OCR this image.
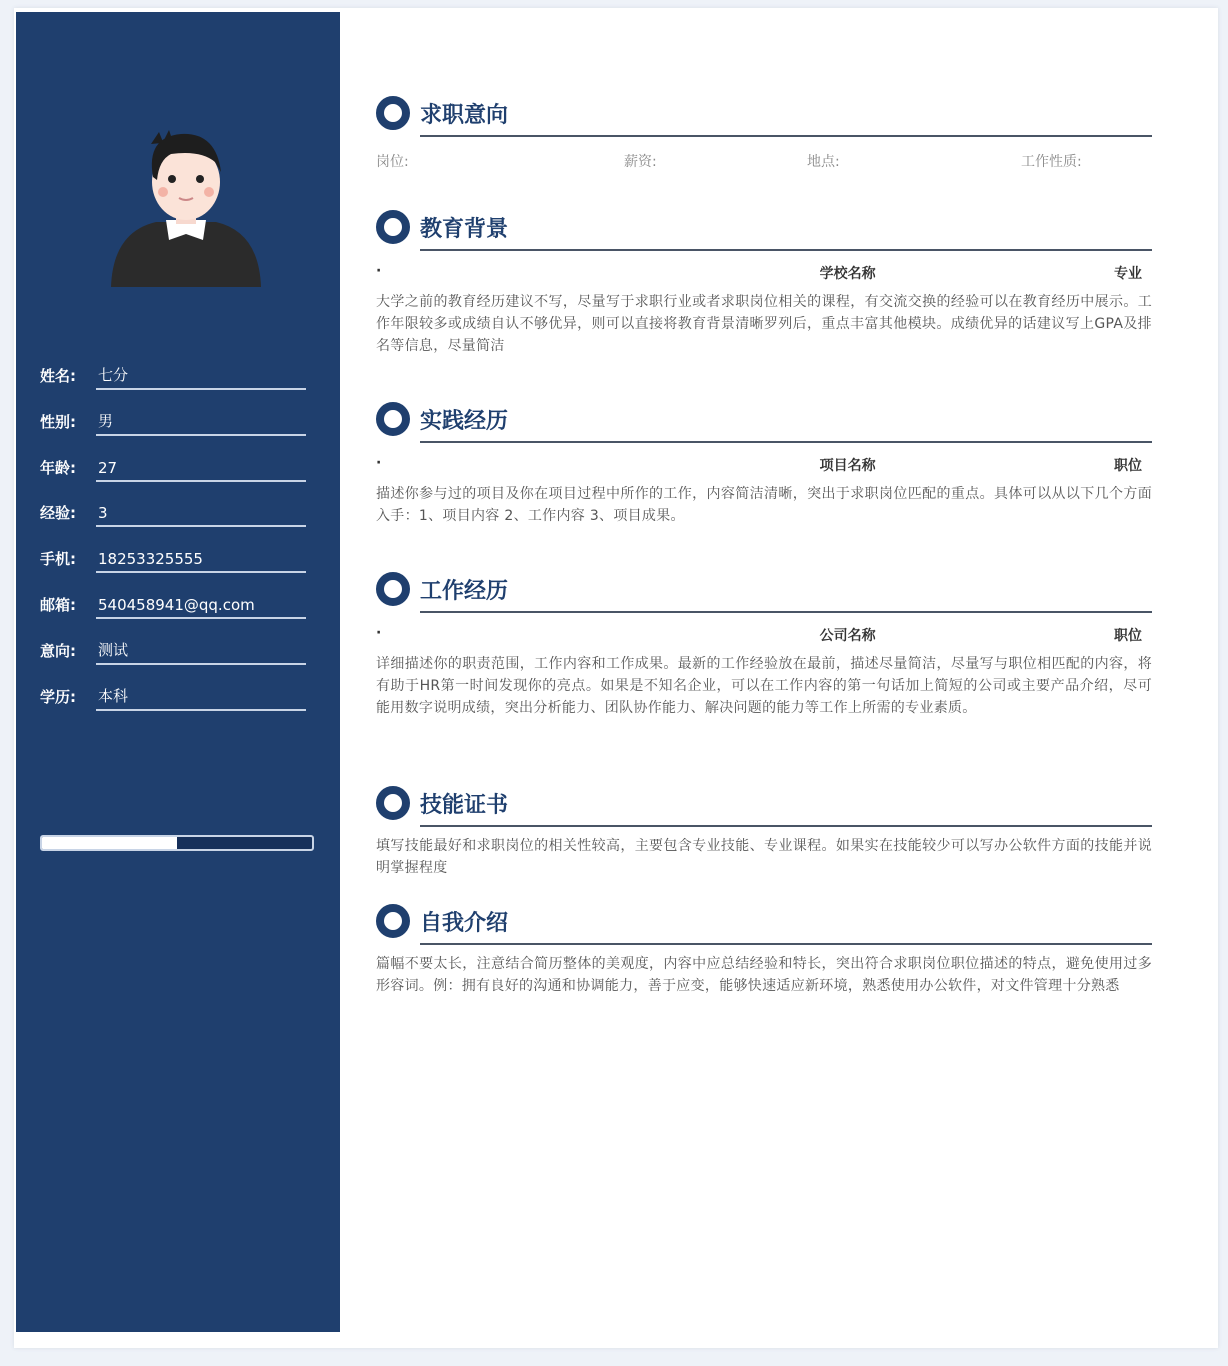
姓名:	七分
性别:	男
年龄:	27
经验:	3
手机:	18253325555
邮箱:	540458941@qq.com
意向:	测试
学历:	本科
求职意向
岗位:	薪资:	地点:	工作性质:
教育背景
·	学校名称	专业

大学之前的教育经历建议不写，尽量写于求职行业或者求职岗位相关的课程，有交流交换的经验可以在教育经历中展示。工作年限较多或成绩自认不够优异，则可以直接将教育背景清晰罗列后，重点丰富其他模块。成绩优异的话建议写上GPA及排名等信息，尽量简洁

实践经历
·	项目名称	职位

描述你参与过的项目及你在项目过程中所作的工作，内容简洁清晰，突出于求职岗位匹配的重点。具体可以从以下几个方面入手：1、项目内容 2、工作内容 3、项目成果。

工作经历
·	公司名称	职位

详细描述你的职责范围，工作内容和工作成果。最新的工作经验放在最前，描述尽量简洁，尽量写与职位相匹配的内容，将有助于HR第一时间发现你的亮点。如果是不知名企业，可以在工作内容的第一句话加上简短的公司或主要产品介绍，尽可能用数字说明成绩，突出分析能力、团队协作能力、解决问题的能力等工作上所需的专业素质。

技能证书

填写技能最好和求职岗位的相关性较高，主要包含专业技能、专业课程。如果实在技能较少可以写办公软件方面的技能并说明掌握程度

自我介绍

篇幅不要太长，注意结合简历整体的美观度，内容中应总结经验和特长，突出符合求职岗位职位描述的特点，避免使用过多形容词。例：拥有良好的沟通和协调能力，善于应变，能够快速适应新环境，熟悉使用办公软件，对文件管理十分熟悉
